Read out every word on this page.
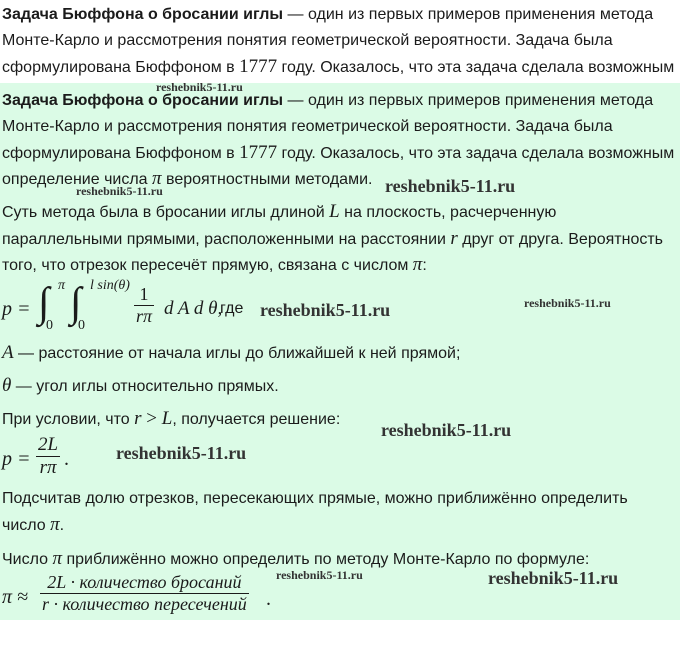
Задача Бюффона о бросании иглы — один из первых примеров применения метода
Монте-Карло и рассмотрения понятия геометрической вероятности. Задача была
сформулирована Бюффоном в 1777 году. Оказалось, что эта задача сделала возможным
Задача Бюффона о бросании иглы — один из первых примеров применения метода
Монте-Карло и рассмотрения понятия геометрической вероятности. Задача была
сформулирована Бюффоном в 1777 году. Оказалось, что эта задача сделала возможным
определение числа π вероятностными методами.
Суть метода была в бросании иглы длиной L на плоскость, расчерченную
параллельными прямыми, расположенными на расстоянии r друг от друга. Вероятность
того, что отрезок пересечёт прямую, связана с числом π:
p = ∫ π
0 ∫ l sin(θ)
0	$\frac{1}{r\pi}$ d A d θ,
где
A — расстояние от начала иглы до ближайшей к ней прямой;
θ — угол иглы относительно прямых.
При условии, что r > L, получается решение:
$p = \frac{2L}{r\pi}$ .
Подсчитав долю отрезков, пересекающих прямые, можно приближённо определить
число π.
Число π приближённо можно определить по методу Монте-Карло по формуле:
π ≈
2L · количество бросаний
r · количество пересечений .
reshebnik5-11.ru
reshebnik5-11.ru	reshebnik5-11.ru
reshebnik5-11.ru	reshebnik5-11.ru
reshebnik5-11.ru
reshebnik5-11.ru
reshebnik5-11.ru	reshebnik5-11.ru
